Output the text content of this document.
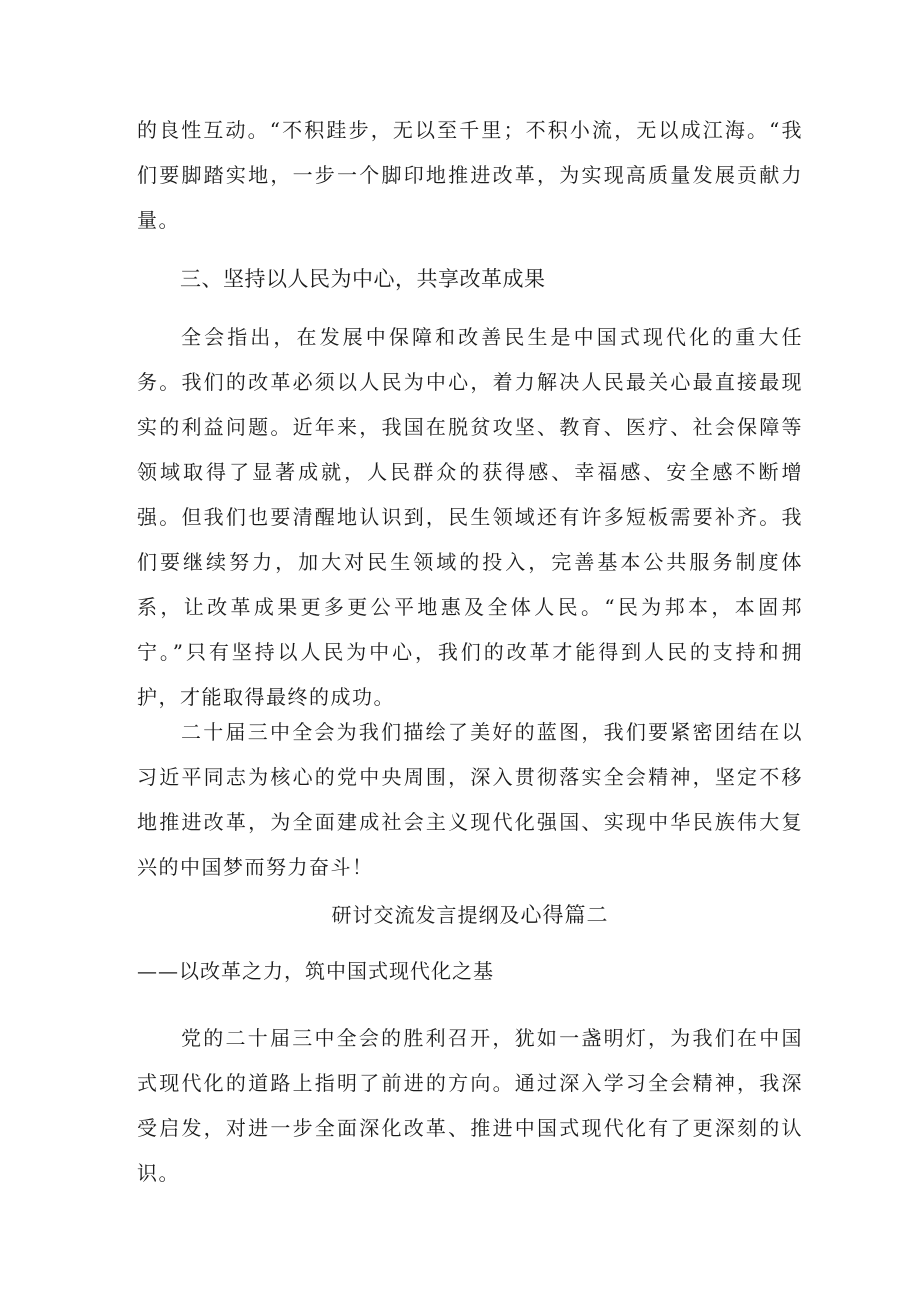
的良性互动。“不积跬步，无以至千里；不积小流，无以成江海。“我们要脚踏实地，一步一个脚印地推进改革，为实现高质量发展贡献力量。

三、坚持以人民为中心，共享改革成果

全会指出，在发展中保障和改善民生是中国式现代化的重大任务。我们的改革必须以人民为中心，着力解决人民最关心最直接最现实的利益问题。近年来，我国在脱贫攻坚、教育、医疗、社会保障等领域取得了显著成就，人民群众的获得感、幸福感、安全感不断增强。但我们也要清醒地认识到，民生领域还有许多短板需要补齐。我们要继续努力，加大对民生领域的投入，完善基本公共服务制度体系，让改革成果更多更公平地惠及全体人民。“民为邦本，本固邦宁。”只有坚持以人民为中心，我们的改革才能得到人民的支持和拥护，才能取得最终的成功。

二十届三中全会为我们描绘了美好的蓝图，我们要紧密团结在以习近平同志为核心的党中央周围，深入贯彻落实全会精神，坚定不移地推进改革，为全面建成社会主义现代化强国、实现中华民族伟大复兴的中国梦而努力奋斗！

研讨交流发言提纲及心得篇二

——以改革之力，筑中国式现代化之基

党的二十届三中全会的胜利召开，犹如一盏明灯，为我们在中国式现代化的道路上指明了前进的方向。通过深入学习全会精神，我深受启发，对进一步全面深化改革、推进中国式现代化有了更深刻的认识。
